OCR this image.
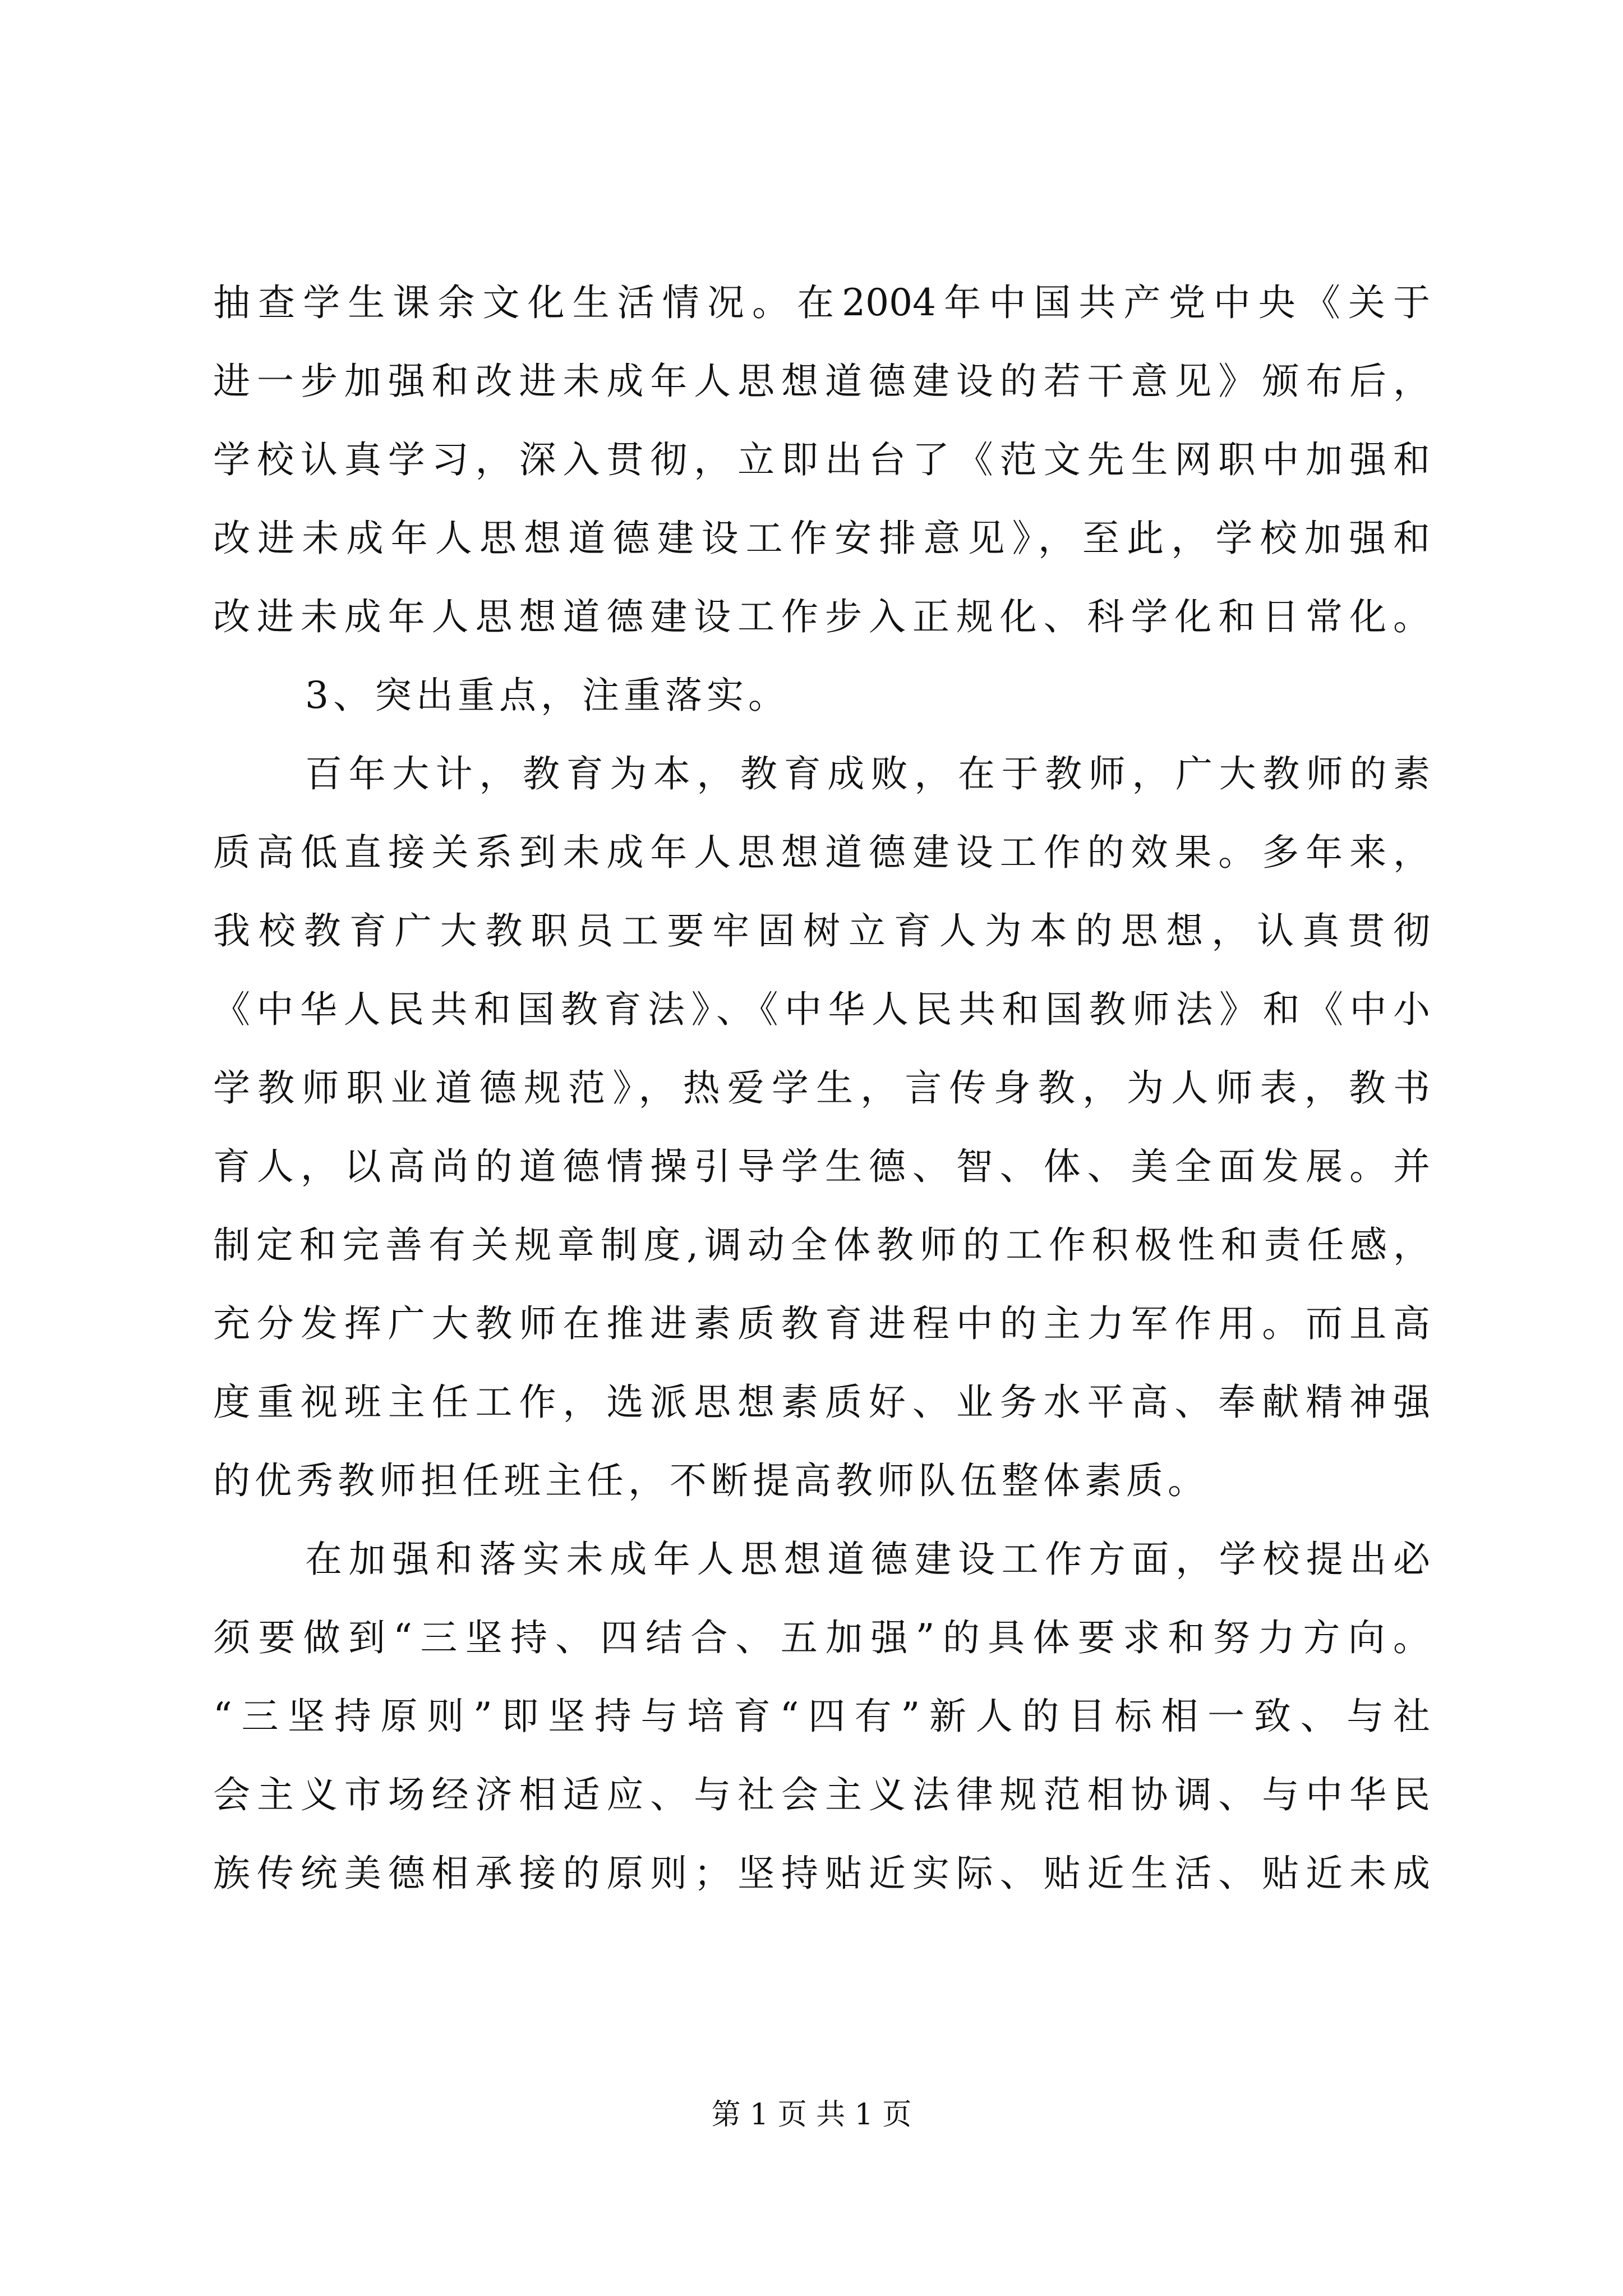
抽查学生课余文化生活情况。在2004年中国共产党中央《关于
进一步加强和改进未成年人思想道德建设的若干意见》颁布后，
学校认真学习，深入贯彻，立即出台了《范文先生网职中加强和
改进未成年人思想道德建设工作安排意见》，至此，学校加强和
改进未成年人思想道德建设工作步入正规化、科学化和日常化。
3、突出重点，注重落实。
百年大计，教育为本，教育成败，在于教师，广大教师的素
质高低直接关系到未成年人思想道德建设工作的效果。多年来，
我校教育广大教职员工要牢固树立育人为本的思想，认真贯彻
《中华人民共和国教育法》、《中华人民共和国教师法》和《中小
学教师职业道德规范》，热爱学生，言传身教，为人师表，教书
育人，以高尚的道德情操引导学生德、智、体、美全面发展。并
制定和完善有关规章制度,调动全体教师的工作积极性和责任感，
充分发挥广大教师在推进素质教育进程中的主力军作用。而且高
度重视班主任工作，选派思想素质好、业务水平高、奉献精神强
的优秀教师担任班主任，不断提高教师队伍整体素质。
在加强和落实未成年人思想道德建设工作方面，学校提出必
须要做到“三坚持、四结合、五加强”的具体要求和努力方向。
“三坚持原则”即坚持与培育“四有”新人的目标相一致、与社
会主义市场经济相适应、与社会主义法律规范相协调、与中华民
族传统美德相承接的原则；坚持贴近实际、贴近生活、贴近未成
第 1 页 共 1 页
